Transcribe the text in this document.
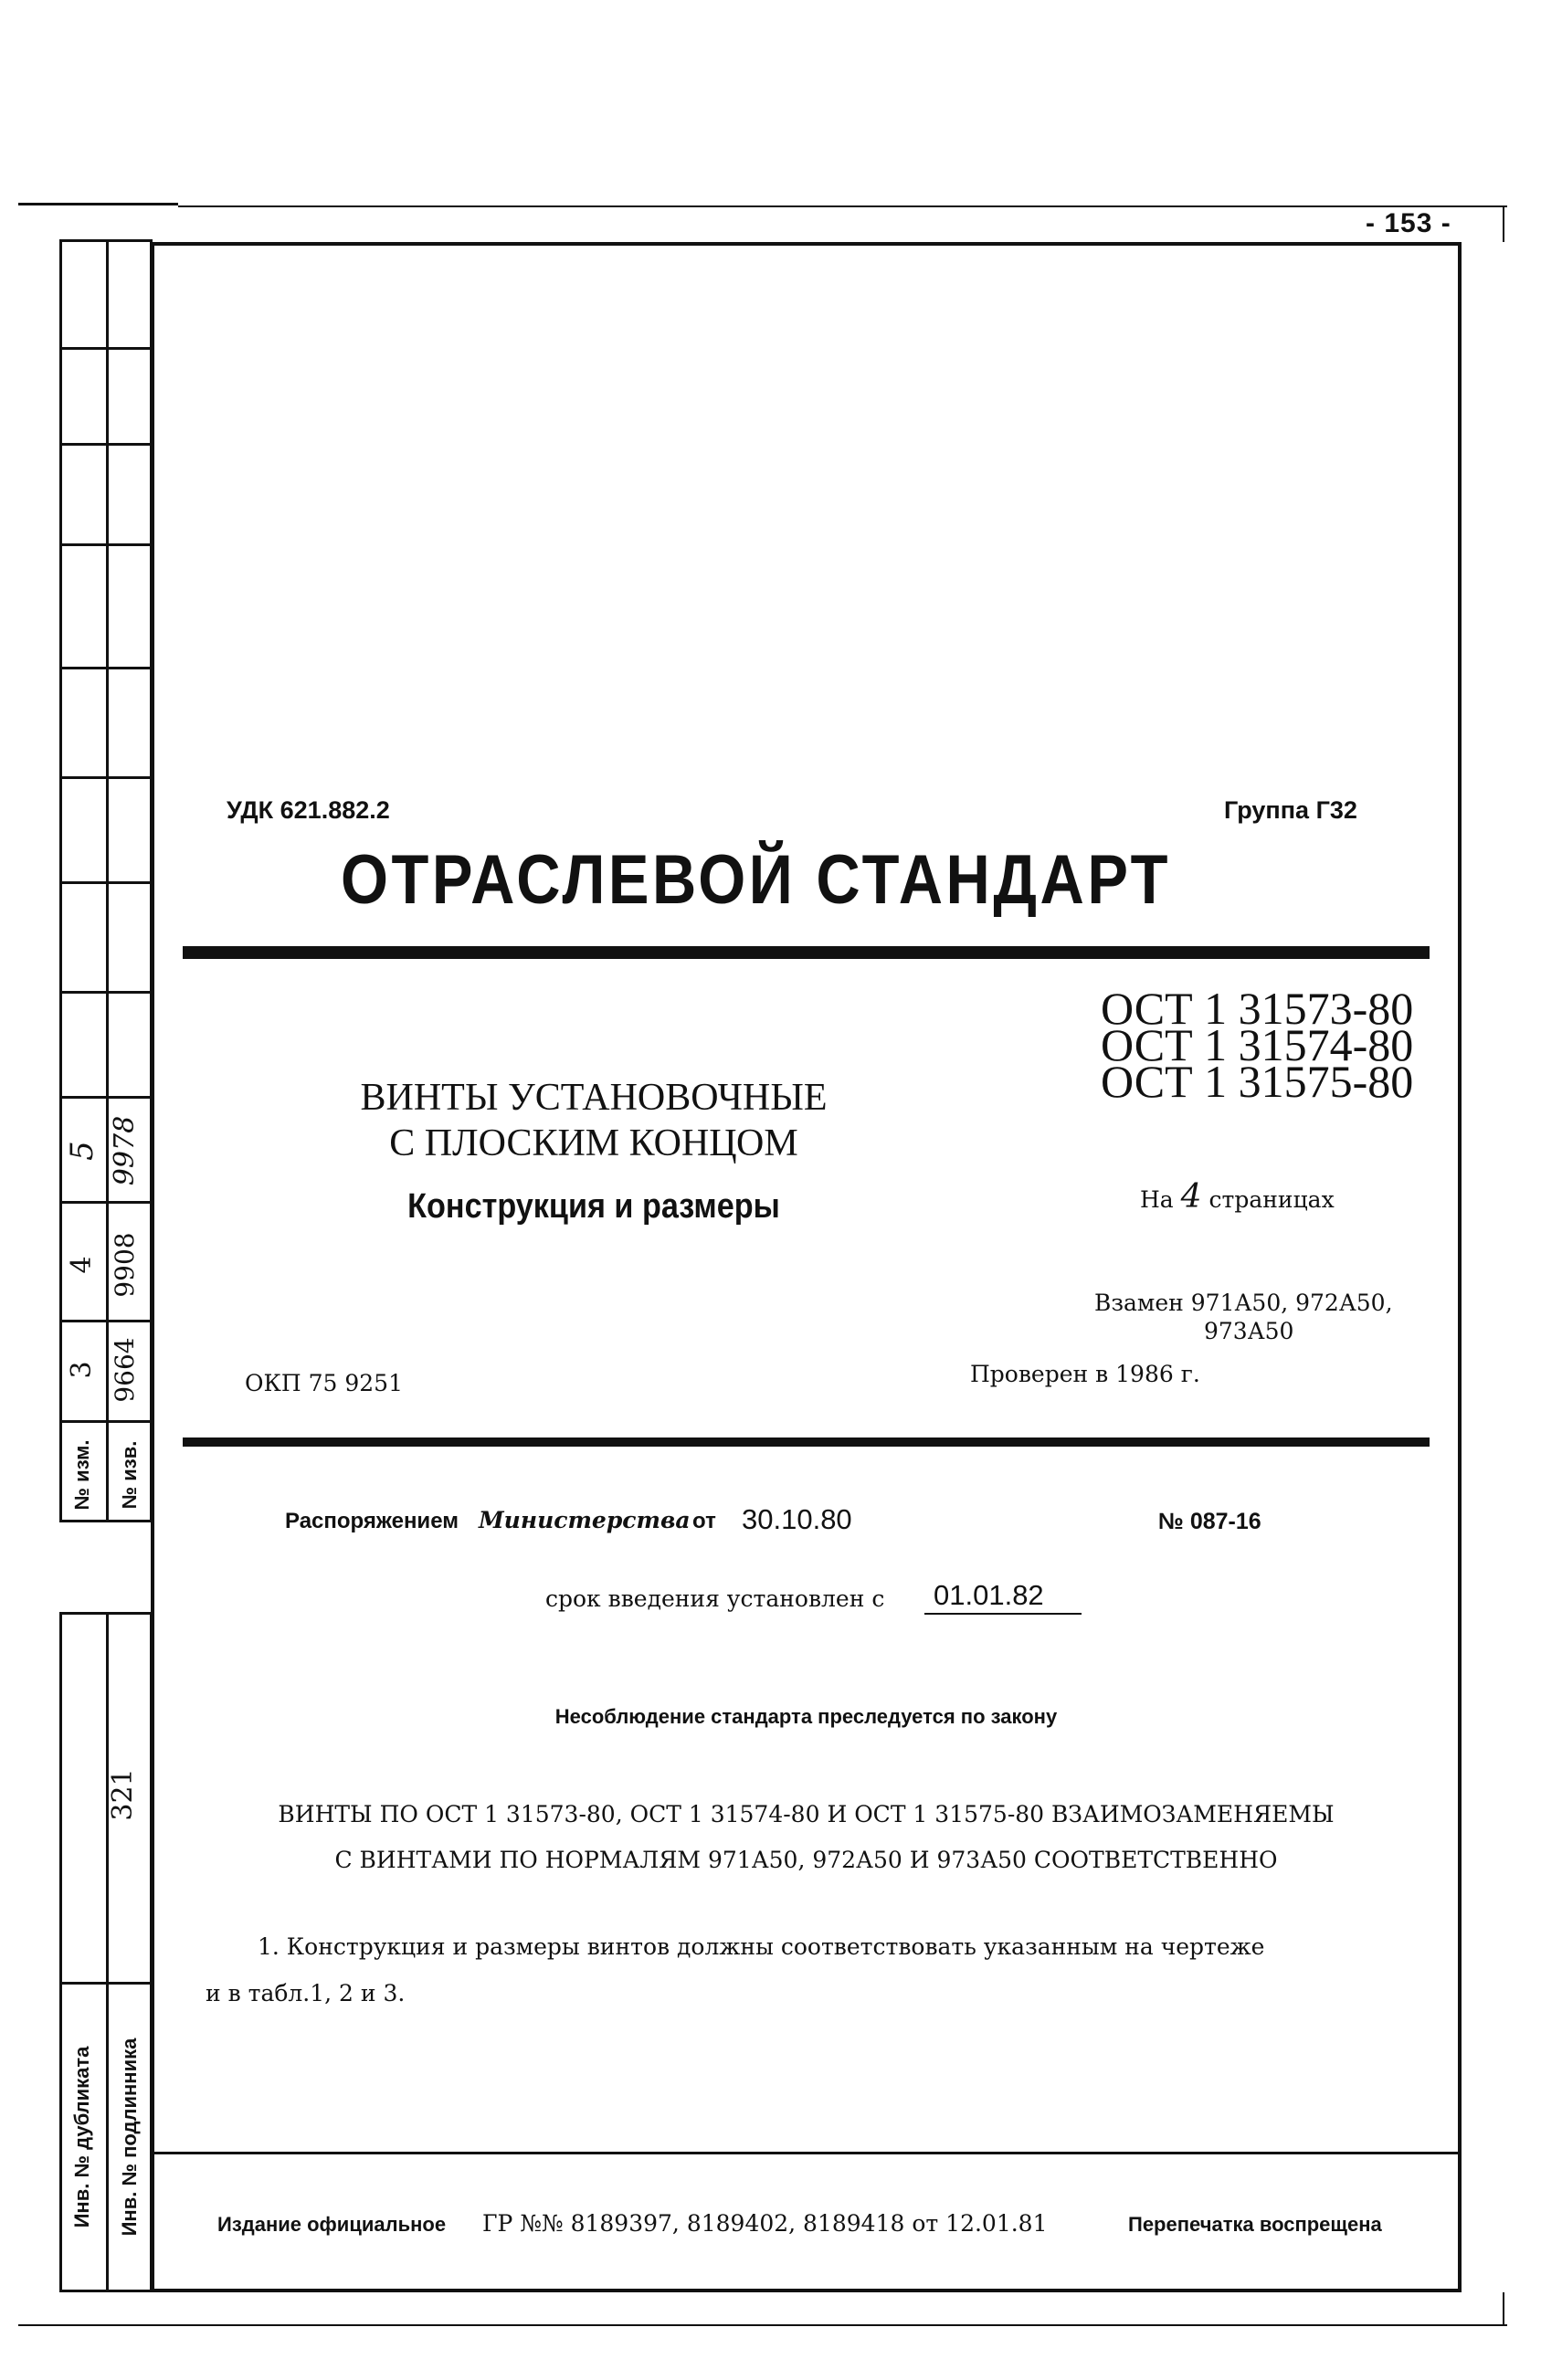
- 153 -
5 9978
4 9908
3 9664
№ изм.	№ изв.
321
Инв. № дубликата	Инв. № подлинника
УДК 621.882.2	Группа Г32
ОТРАСЛЕВОЙ СТАНДАРТ
ОСТ 1 31573-80
ОСТ 1 31574-80
ОСТ 1 31575-80
ВИНТЫ УСТАНОВОЧНЫЕ
С ПЛОСКИМ КОНЦОМ
Конструкция и размеры	На 4 страницах
Взамен 971А50, 972А50,
973А50
ОКП 75 9251	Проверен в 1986 г.
Распоряжением Министерства от 30.10.80	№ 087-16
срок введения установлен с 01.01.82
Несоблюдение стандарта преследуется по закону
ВИНТЫ ПО ОСТ 1 31573-80, ОСТ 1 31574-80 И ОСТ 1 31575-80 ВЗАИМОЗАМЕНЯЕМЫ
С ВИНТАМИ ПО НОРМАЛЯМ 971А50, 972А50 И 973А50 СООТВЕТСТВЕННО
1. Конструкция и размеры винтов должны соответствовать указанным на чертеже
и в табл.1, 2 и 3.
Издание официальное ГР №№ 8189397, 8189402, 8189418 от 12.01.81	Перепечатка воспрещена
